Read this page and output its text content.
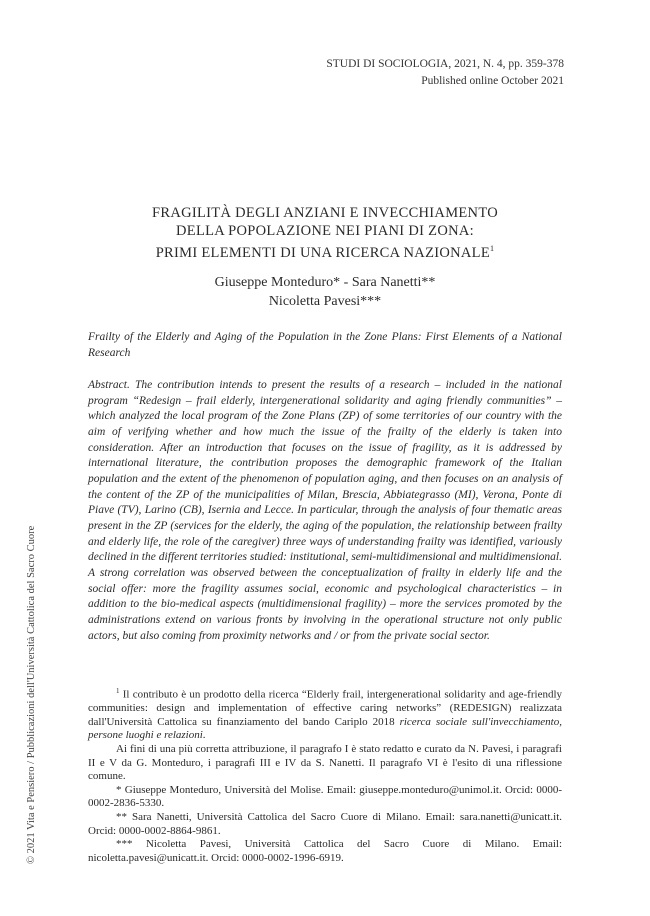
STUDI DI SOCIOLOGIA, 2021, N. 4, pp. 359-378
Published online October 2021
© 2021 Vita e Pensiero / Pubblicazioni dell'Università Cattolica del Sacro Cuore
FRAGILITÀ DEGLI ANZIANI E INVECCHIAMENTO
DELLA POPOLAZIONE NEI PIANI DI ZONA:
PRIMI ELEMENTI DI UNA RICERCA NAZIONALE$^1$
Giuseppe Monteduro* - Sara Nanetti**
Nicoletta Pavesi***
Frailty of the Elderly and Aging of the Population in the Zone Plans: First Elements of a National Research
Abstract. The contribution intends to present the results of a research – included in the national program “Redesign – frail elderly, intergenerational solidarity and aging friendly communities” – which analyzed the local program of the Zone Plans (ZP) of some territories of our country with the aim of verifying whether and how much the issue of the frailty of the elderly is taken into consideration. After an introduction that focuses on the issue of fragility, as it is addressed by international literature, the contribution proposes the demographic framework of the Italian population and the extent of the phenomenon of population aging, and then focuses on an analysis of the content of the ZP of the municipalities of Milan, Brescia, Abbiategrasso (MI), Verona, Ponte di Piave (TV), Larino (CB), Isernia and Lecce. In particular, through the analysis of four thematic areas present in the ZP (services for the elderly, the aging of the population, the relationship between frailty and elderly life, the role of the caregiver) three ways of understanding frailty was identified, variously declined in the different territories studied: institutional, semi-multidimensional and multidimensional. A strong correlation was observed between the conceptualization of frailty in elderly life and the social offer: more the fragility assumes social, economic and psychological characteristics – in addition to the bio-medical aspects (multidimensional fragility) – more the services promoted by the administrations extend on various fronts by involving in the operational structure not only public actors, but also coming from proximity networks and / or from the private social sector.

$^1$ Il contributo è un prodotto della ricerca “Elderly frail, intergenerational solidarity and age-friendly communities: design and implementation of effective caring networks” (REDESIGN) realizzata dall'Università Cattolica su finanziamento del bando Cariplo 2018 ricerca sociale sull'invecchiamento, persone luoghi e relazioni.

Ai fini di una più corretta attribuzione, il paragrafo I è stato redatto e curato da N. Pavesi, i paragrafi II e V da G. Monteduro, i paragrafi III e IV da S. Nanetti. Il paragrafo VI è l'esito di una riflessione comune.

* Giuseppe Monteduro, Università del Molise. Email: giuseppe.monteduro@unimol.it. Orcid: 0000-0002-2836-5330.

** Sara Nanetti, Università Cattolica del Sacro Cuore di Milano. Email: sara.nanetti@unicatt.it. Orcid: 0000-0002-8864-9861.

*** Nicoletta Pavesi, Università Cattolica del Sacro Cuore di Milano. Email: nicoletta.pavesi@unicatt.it. Orcid: 0000-0002-1996-6919.
